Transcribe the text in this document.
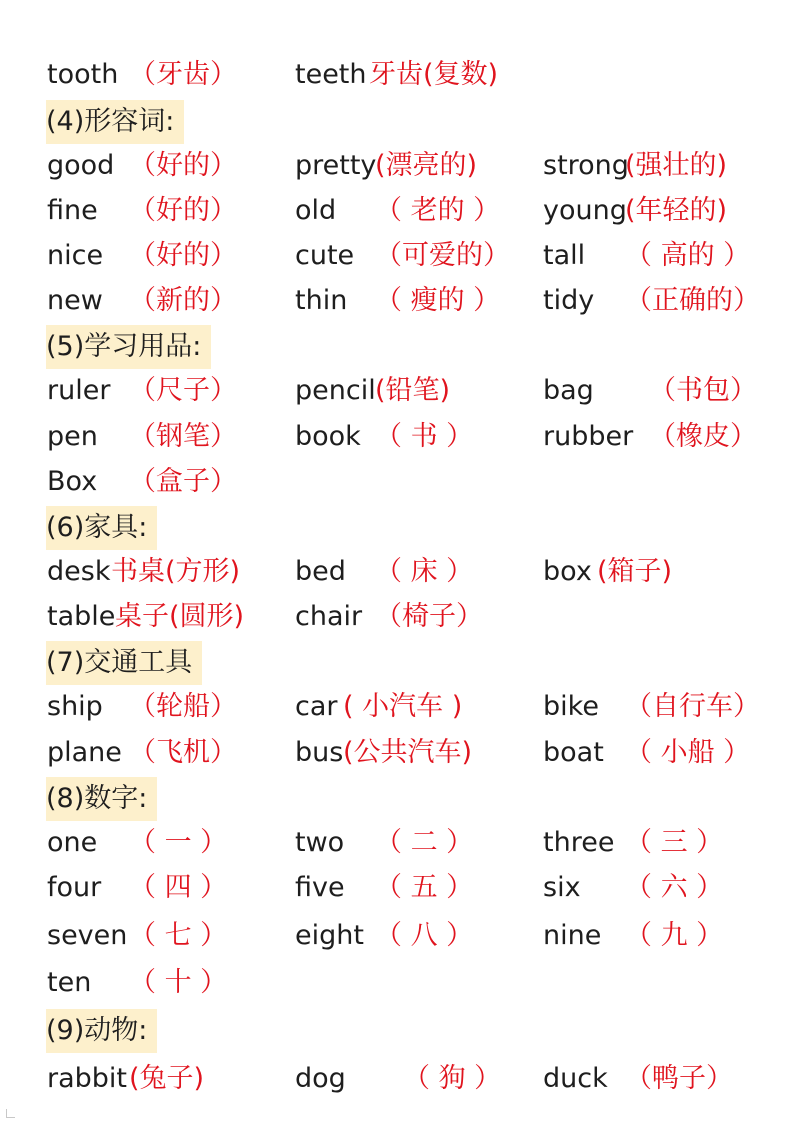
tooth （牙齿） teeth牙齿(复数)
(4)形容词:
good （好的） pretty(漂亮的) strong(强壮的)
fine （好的） old （ 老的 ） young(年轻的)
nice （好的） cute （可爱的） tall （ 高的 ）
new （新的） thin （ 瘦的 ） tidy （正确的）
(5)学习用品:
ruler （尺子） pencil(铅笔)	bag （书包）
pen （钢笔） book （ 书 ）	rubber （橡皮）
Box （盒子）
(6)家具:
desk书桌(方形) bed （ 床 ）	box (箱子)
table桌子(圆形) chair （椅子）
(7)交通工具
ship （轮船） car ( 小汽车 )	bike （自行车）
plane （飞机） bus(公共汽车)	boat （ 小船 ）
(8)数字:
one （ 一 ）	two （ 二 ）	three （ 三 ）
four （ 四 ）	five （ 五 ）	six （ 六 ）
seven（ 七 ）	eight （ 八 ）	nine （ 九 ）
ten （ 十 ）
(9)动物:
rabbit(兔子)	dog （ 狗 ） duck （鸭子）
